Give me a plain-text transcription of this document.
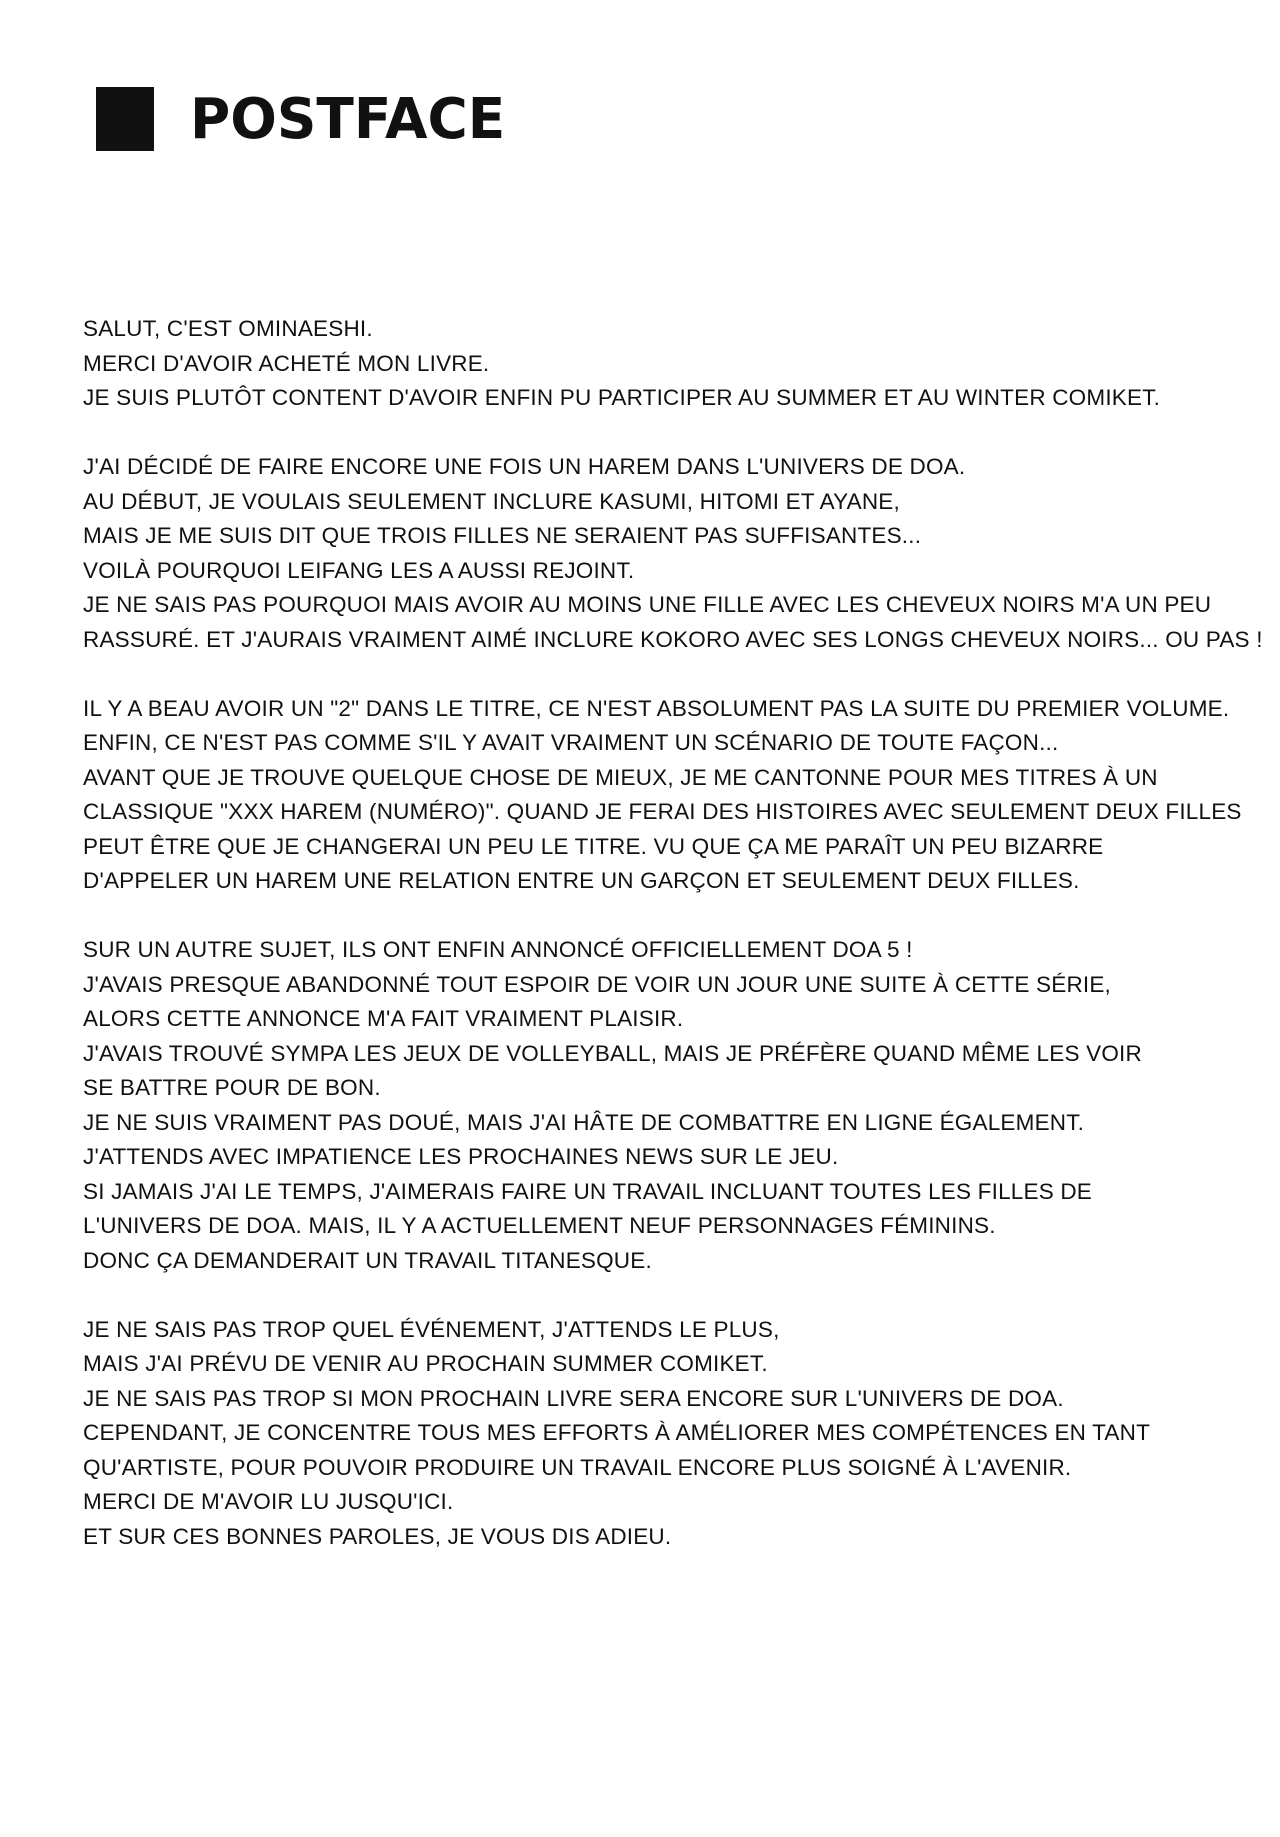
POSTFACE
SALUT, C'EST OMINAESHI.
MERCI D'AVOIR ACHETÉ MON LIVRE.
JE SUIS PLUTÔT CONTENT D'AVOIR ENFIN PU PARTICIPER AU SUMMER ET AU WINTER COMIKET.
J'AI DÉCIDÉ DE FAIRE ENCORE UNE FOIS UN HAREM DANS L'UNIVERS DE DOA.
AU DÉBUT, JE VOULAIS SEULEMENT INCLURE KASUMI, HITOMI ET AYANE,
MAIS JE ME SUIS DIT QUE TROIS FILLES NE SERAIENT PAS SUFFISANTES...
VOILÀ POURQUOI LEIFANG LES A AUSSI REJOINT.
JE NE SAIS PAS POURQUOI MAIS AVOIR AU MOINS UNE FILLE AVEC LES CHEVEUX NOIRS M'A UN PEU
RASSURÉ. ET J'AURAIS VRAIMENT AIMÉ INCLURE KOKORO AVEC SES LONGS CHEVEUX NOIRS... OU PAS !
IL Y A BEAU AVOIR UN "2" DANS LE TITRE, CE N'EST ABSOLUMENT PAS LA SUITE DU PREMIER VOLUME.
ENFIN, CE N'EST PAS COMME S'IL Y AVAIT VRAIMENT UN SCÉNARIO DE TOUTE FAÇON...
AVANT QUE JE TROUVE QUELQUE CHOSE DE MIEUX, JE ME CANTONNE POUR MES TITRES À UN
CLASSIQUE "XXX HAREM (NUMÉRO)". QUAND JE FERAI DES HISTOIRES AVEC SEULEMENT DEUX FILLES
PEUT ÊTRE QUE JE CHANGERAI UN PEU LE TITRE. VU QUE ÇA ME PARAÎT UN PEU BIZARRE
D'APPELER UN HAREM UNE RELATION ENTRE UN GARÇON ET SEULEMENT DEUX FILLES.
SUR UN AUTRE SUJET, ILS ONT ENFIN ANNONCÉ OFFICIELLEMENT DOA 5 !
J'AVAIS PRESQUE ABANDONNÉ TOUT ESPOIR DE VOIR UN JOUR UNE SUITE À CETTE SÉRIE,
ALORS CETTE ANNONCE M'A FAIT VRAIMENT PLAISIR.
J'AVAIS TROUVÉ SYMPA LES JEUX DE VOLLEYBALL, MAIS JE PRÉFÈRE QUAND MÊME LES VOIR
SE BATTRE POUR DE BON.
JE NE SUIS VRAIMENT PAS DOUÉ, MAIS J'AI HÂTE DE COMBATTRE EN LIGNE ÉGALEMENT.
J'ATTENDS AVEC IMPATIENCE LES PROCHAINES NEWS SUR LE JEU.
SI JAMAIS J'AI LE TEMPS, J'AIMERAIS FAIRE UN TRAVAIL INCLUANT TOUTES LES FILLES DE
L'UNIVERS DE DOA. MAIS, IL Y A ACTUELLEMENT NEUF PERSONNAGES FÉMININS.
DONC ÇA DEMANDERAIT UN TRAVAIL TITANESQUE.
JE NE SAIS PAS TROP QUEL ÉVÉNEMENT, J'ATTENDS LE PLUS,
MAIS J'AI PRÉVU DE VENIR AU PROCHAIN SUMMER COMIKET.
JE NE SAIS PAS TROP SI MON PROCHAIN LIVRE SERA ENCORE SUR L'UNIVERS DE DOA.
CEPENDANT, JE CONCENTRE TOUS MES EFFORTS À AMÉLIORER MES COMPÉTENCES EN TANT
QU'ARTISTE, POUR POUVOIR PRODUIRE UN TRAVAIL ENCORE PLUS SOIGNÉ À L'AVENIR.
MERCI DE M'AVOIR LU JUSQU'ICI.
ET SUR CES BONNES PAROLES, JE VOUS DIS ADIEU.
